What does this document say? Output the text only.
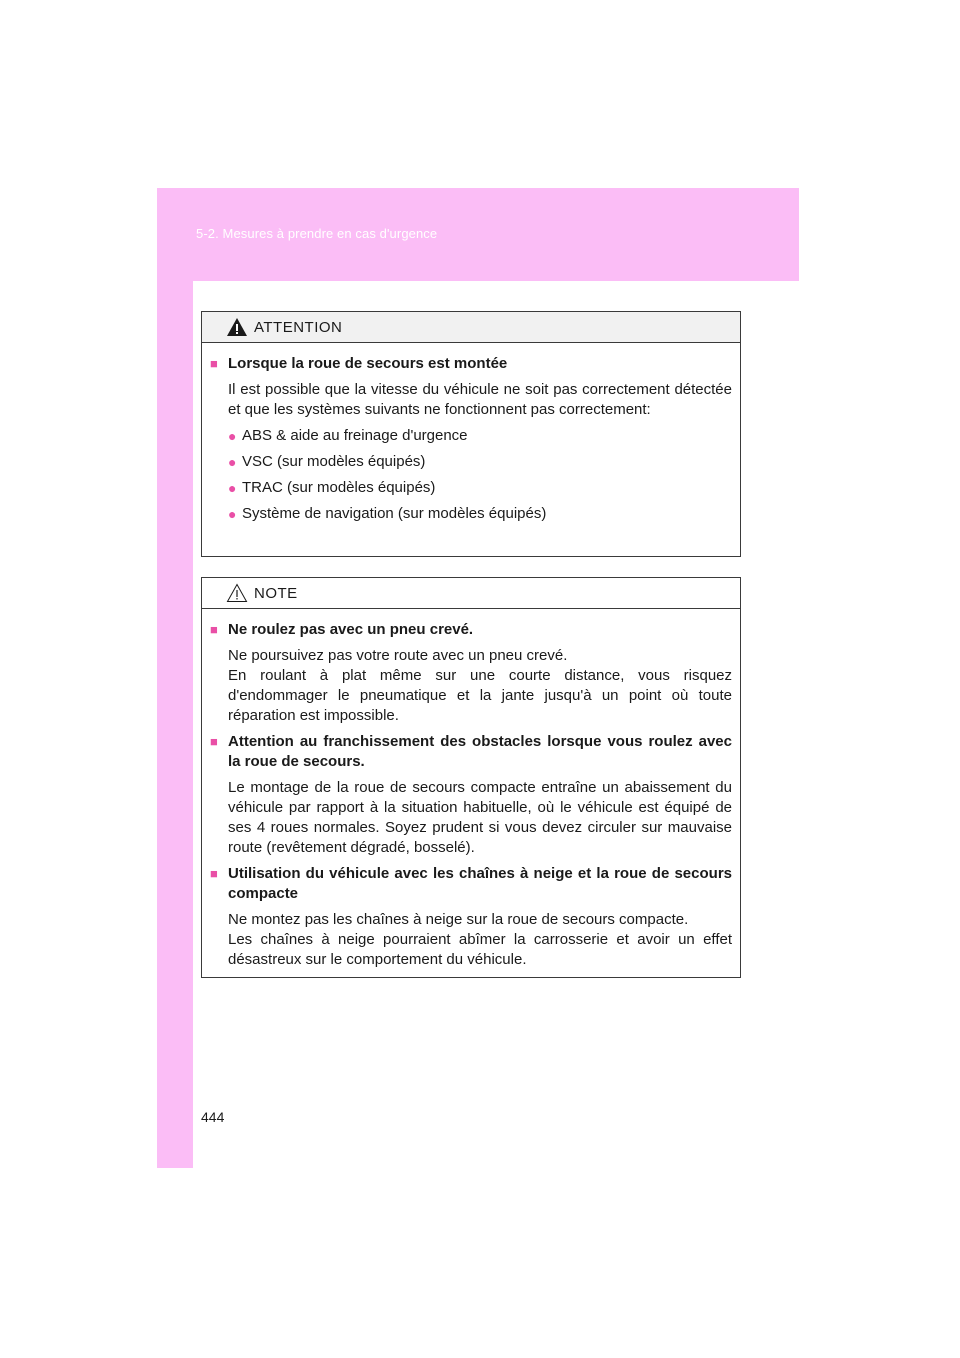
5-2. Mesures à prendre en cas d'urgence
ATTENTION
■ Lorsque la roue de secours est montée
Il est possible que la vitesse du véhicule ne soit pas correctement détectée et que les systèmes suivants ne fonctionnent pas correctement:
● ABS & aide au freinage d'urgence
● VSC (sur modèles équipés)
● TRAC (sur modèles équipés)
● Système de navigation (sur modèles équipés)
NOTE
■ Ne roulez pas avec un pneu crevé.
Ne poursuivez pas votre route avec un pneu crevé.
En roulant à plat même sur une courte distance, vous risquez d'endommager le pneumatique et la jante jusqu'à un point où toute réparation est impossible.
■ Attention au franchissement des obstacles lorsque vous roulez avec la roue de secours.
Le montage de la roue de secours compacte entraîne un abaissement du véhicule par rapport à la situation habituelle, où le véhicule est équipé de ses 4 roues normales. Soyez prudent si vous devez circuler sur mauvaise route (revêtement dégradé, bosselé).
■ Utilisation du véhicule avec les chaînes à neige et la roue de secours compacte
Ne montez pas les chaînes à neige sur la roue de secours compacte.
Les chaînes à neige pourraient abîmer la carrosserie et avoir un effet désastreux sur le comportement du véhicule.
444
